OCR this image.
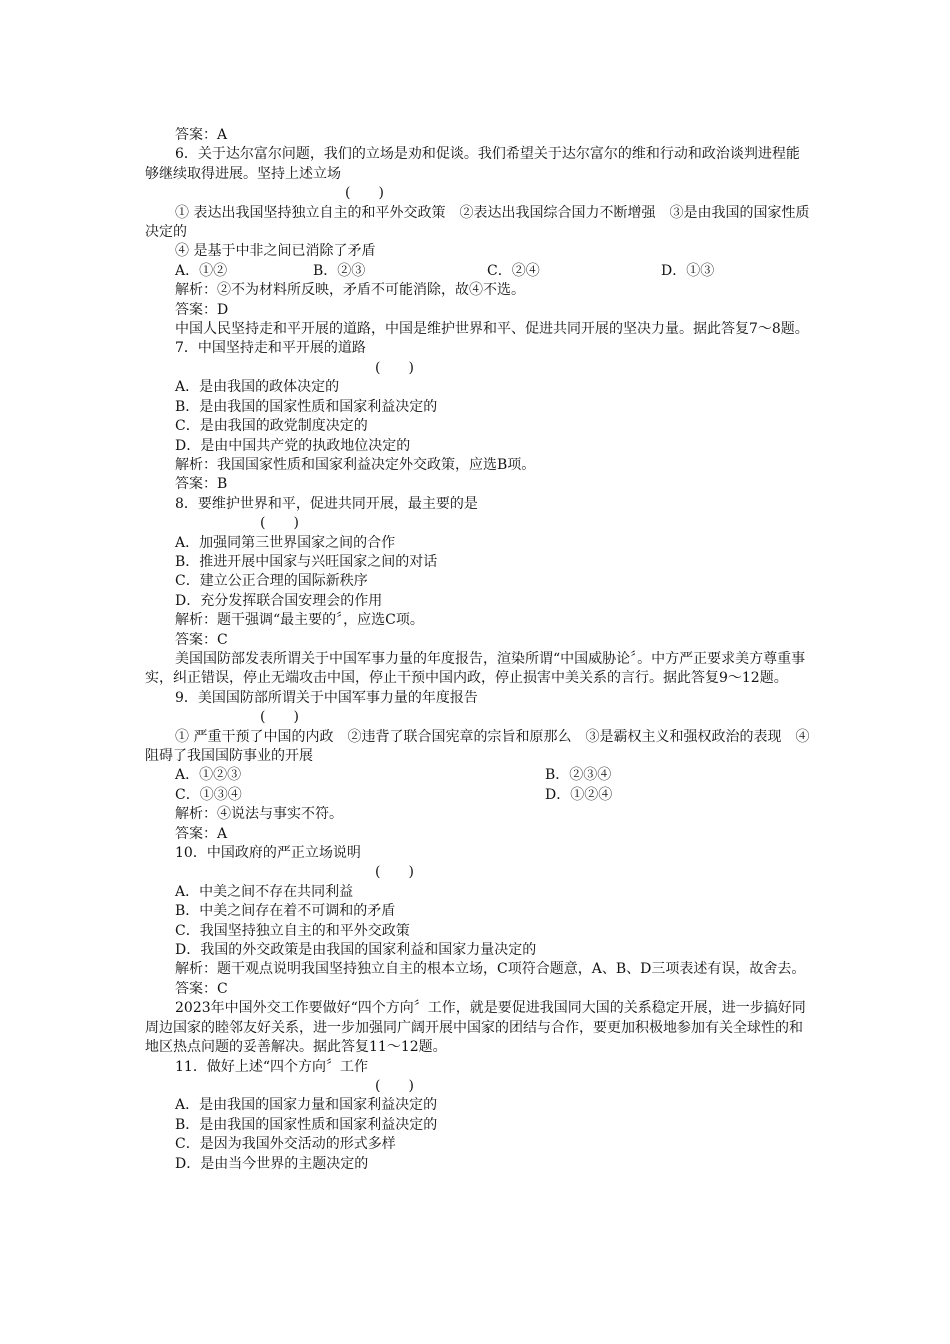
答案：A
6．关于达尔富尔问题，我们的立场是劝和促谈。我们希望关于达尔富尔的维和行动和政治谈判进程能够继续取得进展。坚持上述立场
(　　)
① 表达出我国坚持独立自主的和平外交政策　②表达出我国综合国力不断增强　③是由我国的国家性质决定的
④ 是基于中非之间已消除了矛盾
A．①②	B．②③	C．②④	D．①③
解析：②不为材料所反映，矛盾不可能消除，故④不选。
答案：D
中国人民坚持走和平开展的道路，中国是维护世界和平、促进共同开展的坚决力量。据此答复7～8题。
7．中国坚持走和平开展的道路
(　　)
A．是由我国的政体决定的
B．是由我国的国家性质和国家利益决定的
C．是由我国的政党制度决定的
D．是由中国共产党的执政地位决定的
解析：我国国家性质和国家利益决定外交政策，应选B项。
答案：B
8．要维护世界和平，促进共同开展，最主要的是
(　　)
A．加强同第三世界国家之间的合作
B．推进开展中国家与兴旺国家之间的对话
C．建立公正合理的国际新秩序
D．充分发挥联合国安理会的作用
解析：题干强调“最主要的〞，应选C项。
答案：C
美国国防部发表所谓关于中国军事力量的年度报告，渲染所谓“中国威胁论〞。中方严正要求美方尊重事实，纠正错误，停止无端攻击中国，停止干预中国内政，停止损害中美关系的言行。据此答复9～12题。
9．美国国防部所谓关于中国军事力量的年度报告
(　　)
① 严重干预了中国的内政　②违背了联合国宪章的宗旨和原那么　③是霸权主义和强权政治的表现　④阻碍了我国国防事业的开展
A．①②③	B．②③④
C．①③④	D．①②④
解析：④说法与事实不符。
答案：A
10．中国政府的严正立场说明
(　　)
A．中美之间不存在共同利益
B．中美之间存在着不可调和的矛盾
C．我国坚持独立自主的和平外交政策
D．我国的外交政策是由我国的国家利益和国家力量决定的
解析：题干观点说明我国坚持独立自主的根本立场，C项符合题意，A、B、D三项表述有误，故舍去。
答案：C
2023年中国外交工作要做好“四个方向〞工作，就是要促进我国同大国的关系稳定开展，进一步搞好同周边国家的睦邻友好关系，进一步加强同广阔开展中国家的团结与合作，要更加积极地参加有关全球性的和地区热点问题的妥善解决。据此答复11～12题。
11．做好上述“四个方向〞工作
(　　)
A．是由我国的国家力量和国家利益决定的
B．是由我国的国家性质和国家利益决定的
C．是因为我国外交活动的形式多样
D．是由当今世界的主题决定的
